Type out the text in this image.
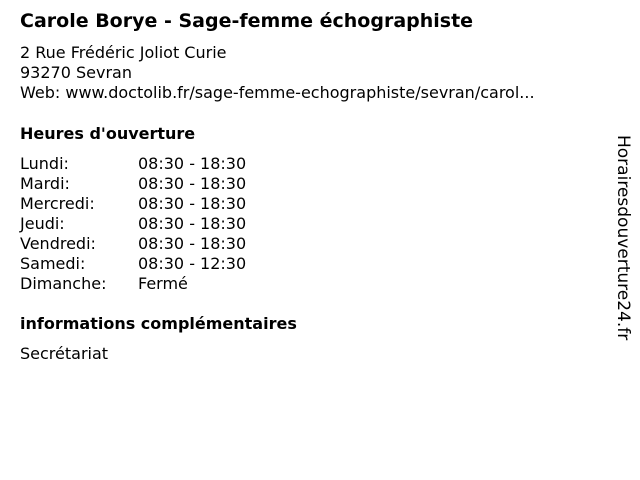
Carole Borye - Sage-femme échographiste
2 Rue Frédéric Joliot Curie
93270 Sevran
Web: www.doctolib.fr/sage-femme-echographiste/sevran/carol...
Heures d'ouverture
Lundi:	08:30 - 18:30
Mardi:	08:30 - 18:30
Mercredi:	08:30 - 18:30
Jeudi:	08:30 - 18:30
Vendredi:	08:30 - 18:30
Samedi:	08:30 - 12:30
Dimanche:	Fermé
informations complémentaires
Secrétariat
Horairesdouverture24.fr
